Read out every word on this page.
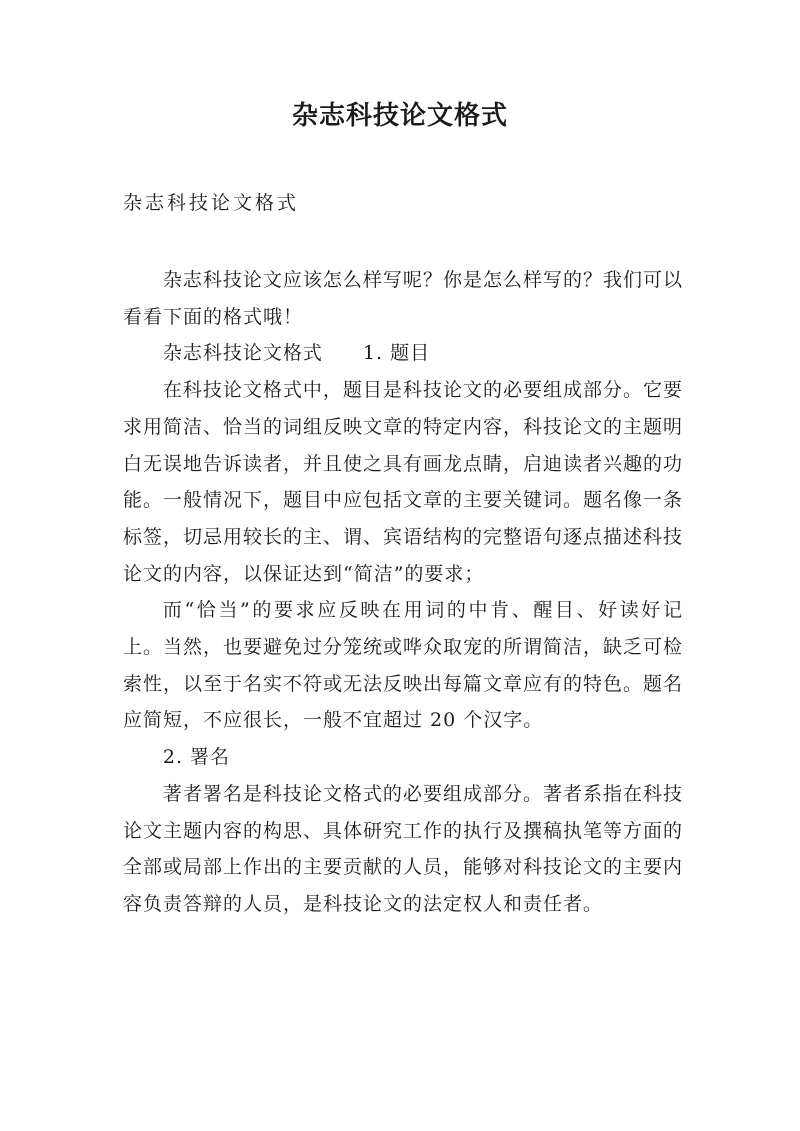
杂志科技论文格式
杂志科技论文格式

杂志科技论文应该怎么样写呢？你是怎么样写的？我们可以看看下面的格式哦！

杂志科技论文格式 1. 题目

在科技论文格式中，题目是科技论文的必要组成部分。它要求用简洁、恰当的词组反映文章的特定内容，科技论文的主题明白无误地告诉读者，并且使之具有画龙点睛，启迪读者兴趣的功能。一般情况下，题目中应包括文章的主要关键词。题名像一条标签，切忌用较长的主、谓、宾语结构的完整语句逐点描述科技论文的内容，以保证达到“简洁”的要求；

而“恰当”的要求应反映在用词的中肯、醒目、好读好记上。当然，也要避免过分笼统或哗众取宠的所谓简洁，缺乏可检索性，以至于名实不符或无法反映出每篇文章应有的特色。题名应简短，不应很长，一般不宜超过 20 个汉字。

2. 署名

著者署名是科技论文格式的必要组成部分。著者系指在科技论文主题内容的构思、具体研究工作的执行及撰稿执笔等方面的全部或局部上作出的主要贡献的人员，能够对科技论文的主要内容负责答辩的人员，是科技论文的法定权人和责任者。
